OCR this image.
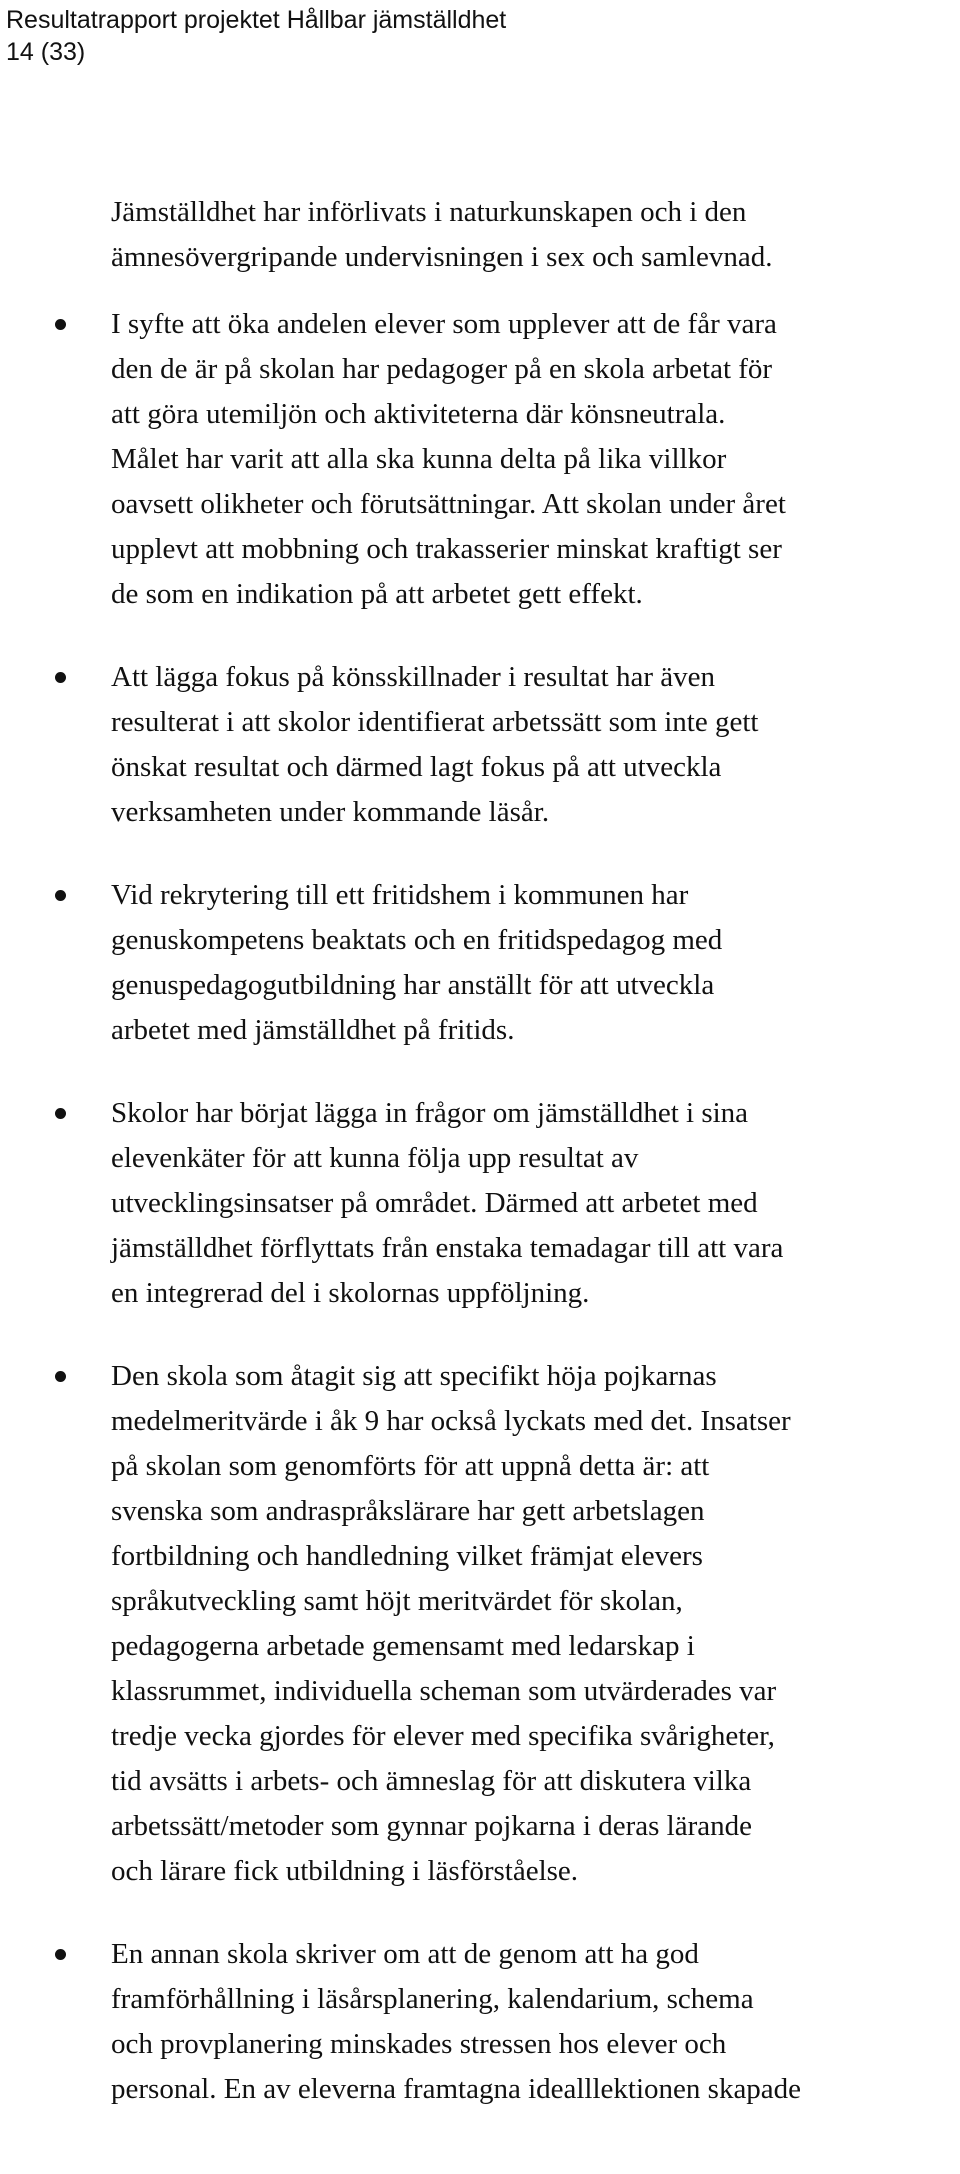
Resultatrapport projektet Hållbar jämställdhet
14 (33)

Jämställdhet har införlivats i naturkunskapen och i den
ämnesövergripande undervisningen i sex och samlevnad.

I syfte att öka andelen elever som upplever att de får vara
den de är på skolan har pedagoger på en skola arbetat för
att göra utemiljön och aktiviteterna där könsneutrala.
Målet har varit att alla ska kunna delta på lika villkor
oavsett olikheter och förutsättningar. Att skolan under året
upplevt att mobbning och trakasserier minskat kraftigt ser
de som en indikation på att arbetet gett effekt.
Att lägga fokus på könsskillnader i resultat har även
resulterat i att skolor identifierat arbetssätt som inte gett
önskat resultat och därmed lagt fokus på att utveckla
verksamheten under kommande läsår.
Vid rekrytering till ett fritidshem i kommunen har
genuskompetens beaktats och en fritidspedagog med
genuspedagogutbildning har anställt för att utveckla
arbetet med jämställdhet på fritids.
Skolor har börjat lägga in frågor om jämställdhet i sina
elevenkäter för att kunna följa upp resultat av
utvecklingsinsatser på området. Därmed att arbetet med
jämställdhet förflyttats från enstaka temadagar till att vara
en integrerad del i skolornas uppföljning.
Den skola som åtagit sig att specifikt höja pojkarnas
medelmeritvärde i åk 9 har också lyckats med det. Insatser
på skolan som genomförts för att uppnå detta är: att
svenska som andraspråkslärare har gett arbetslagen
fortbildning och handledning vilket främjat elevers
språkutveckling samt höjt meritvärdet för skolan,
pedagogerna arbetade gemensamt med ledarskap i
klassrummet, individuella scheman som utvärderades var
tredje vecka gjordes för elever med specifika svårigheter,
tid avsätts i arbets- och ämneslag för att diskutera vilka
arbetssätt/metoder som gynnar pojkarna i deras lärande
och lärare fick utbildning i läsförståelse.
En annan skola skriver om att de genom att ha god
framförhållning i läsårsplanering, kalendarium, schema
och provplanering minskades stressen hos elever och
personal. En av eleverna framtagna idealllektionen skapade
